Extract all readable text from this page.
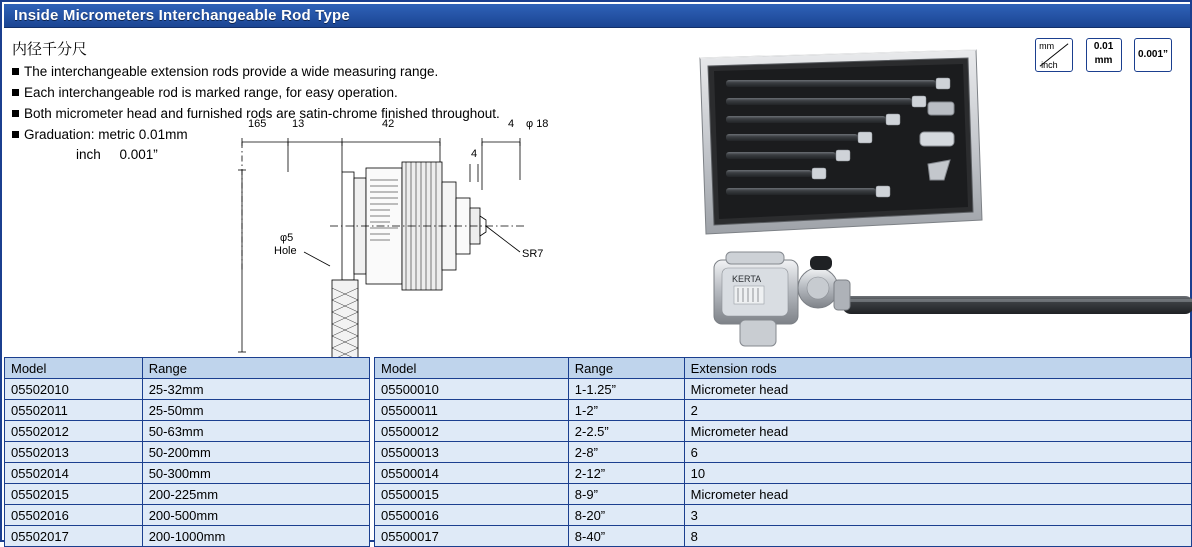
Inside Micrometers Interchangeable Rod Type
内径千分尺
The interchangeable extension rods provide a wide measuring range.
Each interchangeable rod is marked range, for easy operation.
Both micrometer head and furnished rods are satin-chrome finished throughout.
Graduation: metric 0.01mm
inch     0.001”
mm
inch

0.01
mm

0.001”
165 13	42	4 φ 18
4
SR7
φ5
Hole
KERTA
Model	Range
05502010	25-32mm
05502011	25-50mm
05502012	50-63mm
05502013	50-200mm
05502014	50-300mm
05502015	200-225mm
05502016	200-500mm
05502017	200-1000mm
Model	Range	Extension rods
05500010	1-1.25”	Micrometer head
05500011	1-2”	2
05500012	2-2.5”	Micrometer head
05500013	2-8”	6
05500014	2-12”	10
05500015	8-9”	Micrometer head
05500016	8-20”	3
05500017	8-40”	8
